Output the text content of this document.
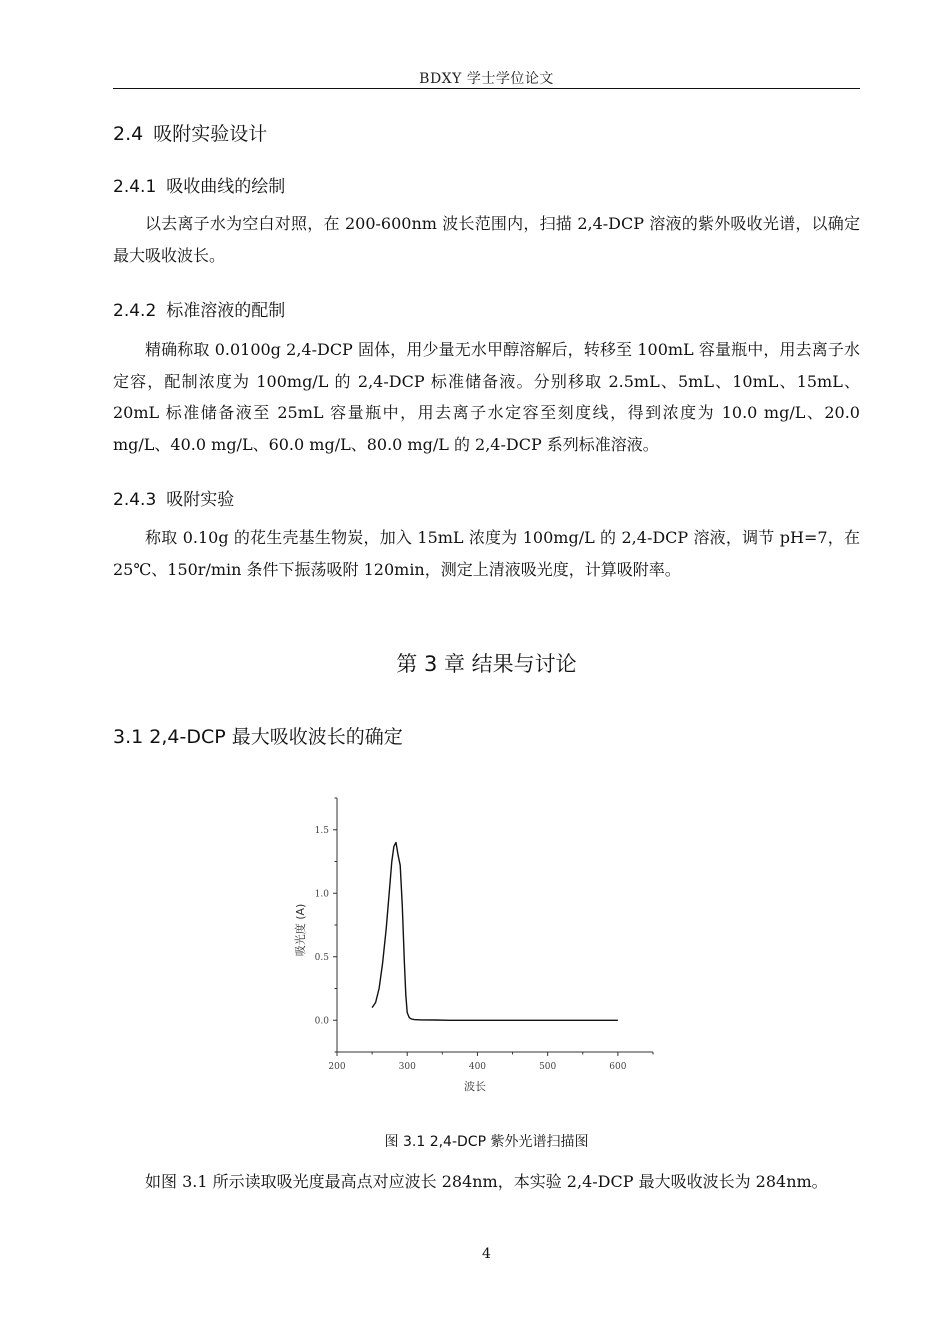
BDXY 学士学位论文
2.4 吸附实验设计
2.4.1 吸收曲线的绘制
以去离子水为空白对照，在 200-600nm 波长范围内，扫描 2,4-DCP 溶液的紫外吸收光谱，以确定最大吸收波长。
2.4.2 标准溶液的配制
精确称取 0.0100g 2,4-DCP 固体，用少量无水甲醇溶解后，转移至 100mL 容量瓶中，用去离子水定容，配制浓度为 100mg/L 的 2,4-DCP 标准储备液。分别移取 2.5mL、5mL、10mL、15mL、20mL 标准储备液至 25mL 容量瓶中，用去离子水定容至刻度线，得到浓度为 10.0 mg/L、20.0 mg/L、40.0 mg/L、60.0 mg/L、80.0 mg/L 的 2,4-DCP 系列标准溶液。
2.4.3 吸附实验
称取 0.10g 的花生壳基生物炭，加入 15mL 浓度为 100mg/L 的 2,4-DCP 溶液，调节 pH=7，在 25℃、150r/min 条件下振荡吸附 120min，测定上清液吸光度，计算吸附率。
第 3 章 结果与讨论
3.1 2,4-DCP 最大吸收波长的确定
0.0
0.5
1.0
1.5
200	300	400	500	600
波长
吸光度 (A)
图 3.1 2,4-DCP 紫外光谱扫描图
如图 3.1 所示读取吸光度最高点对应波长 284nm，本实验 2,4-DCP 最大吸收波长为 284nm。
4
